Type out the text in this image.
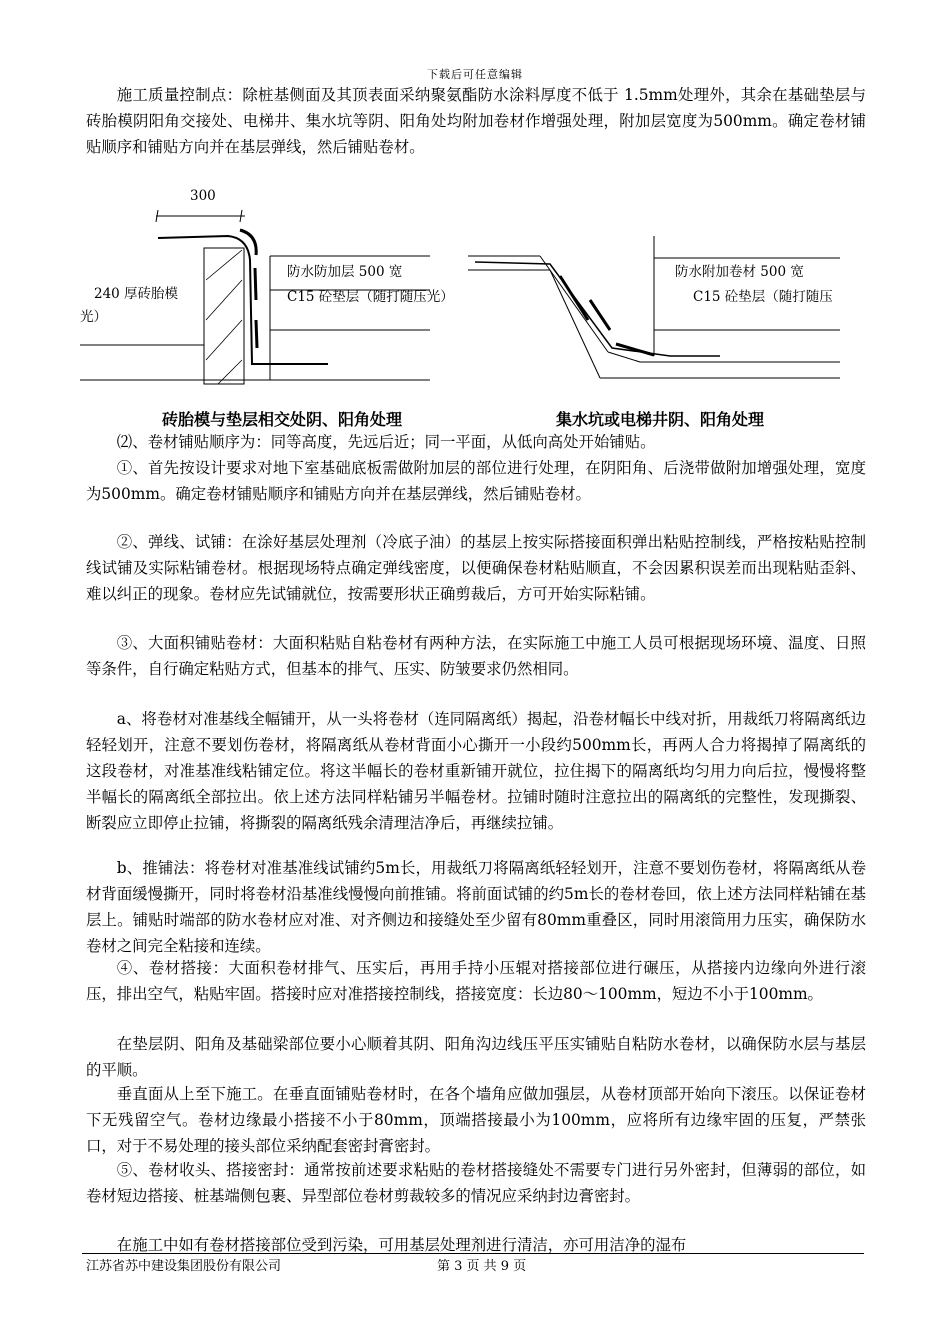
下载后可任意编辑

施工质量控制点：除桩基侧面及其顶表面采纳聚氨酯防水涂料厚度不低于 1.5mm处理外，其余在基础垫层与砖胎模阴阳角交接处、电梯井、集水坑等阴、阳角处均附加卷材作增强处理，附加层宽度为500mm。确定卷材铺贴顺序和铺贴方向并在基层弹线，然后铺贴卷材。

300
240 厚砖胎模
光）
防水防加层 500 宽
C15 砼垫层（随打随压光）
防水附加卷材 500 宽
C15 砼垫层（随打随压
砖胎模与垫层相交处阴、阳角处理	集水坑或电梯井阴、阳角处理

⑵、卷材铺贴顺序为：同等高度，先远后近；同一平面，从低向高处开始铺贴。

①、首先按设计要求对地下室基础底板需做附加层的部位进行处理，在阴阳角、后浇带做附加增强处理，宽度为500mm。确定卷材铺贴顺序和铺贴方向并在基层弹线，然后铺贴卷材。

②、弹线、试铺：在涂好基层处理剂（冷底子油）的基层上按实际搭接面积弹出粘贴控制线，严格按粘贴控制线试铺及实际粘铺卷材。根据现场特点确定弹线密度，以便确保卷材粘贴顺直，不会因累积误差而出现粘贴歪斜、难以纠正的现象。卷材应先试铺就位，按需要形状正确剪裁后，方可开始实际粘铺。

③、大面积铺贴卷材：大面积粘贴自粘卷材有两种方法，在实际施工中施工人员可根据现场环境、温度、日照等条件，自行确定粘贴方式，但基本的排气、压实、防皱要求仍然相同。

a、将卷材对准基线全幅铺开，从一头将卷材（连同隔离纸）揭起，沿卷材幅长中线对折，用裁纸刀将隔离纸边轻轻划开，注意不要划伤卷材，将隔离纸从卷材背面小心撕开一小段约500mm长，再两人合力将揭掉了隔离纸的这段卷材，对准基准线粘铺定位。将这半幅长的卷材重新铺开就位，拉住揭下的隔离纸均匀用力向后拉，慢慢将整半幅长的隔离纸全部拉出。依上述方法同样粘铺另半幅卷材。拉铺时随时注意拉出的隔离纸的完整性，发现撕裂、断裂应立即停止拉铺，将撕裂的隔离纸残余清理洁净后，再继续拉铺。

b、推铺法：将卷材对准基准线试铺约5m长，用裁纸刀将隔离纸轻轻划开，注意不要划伤卷材，将隔离纸从卷材背面缓慢撕开，同时将卷材沿基准线慢慢向前推铺。将前面试铺的约5m长的卷材卷回，依上述方法同样粘铺在基层上。铺贴时端部的防水卷材应对准、对齐侧边和接缝处至少留有80mm重叠区，同时用滚筒用力压实，确保防水卷材之间完全粘接和连续。

④、卷材搭接：大面积卷材排气、压实后，再用手持小压辊对搭接部位进行碾压，从搭接内边缘向外进行滚压，排出空气，粘贴牢固。搭接时应对准搭接控制线，搭接宽度：长边80～100mm，短边不小于100mm。

在垫层阴、阳角及基础梁部位要小心顺着其阴、阳角沟边线压平压实铺贴自粘防水卷材，以确保防水层与基层的平顺。

垂直面从上至下施工。在垂直面铺贴卷材时，在各个墙角应做加强层，从卷材顶部开始向下滚压。以保证卷材下无残留空气。卷材边缘最小搭接不小于80mm，顶端搭接最小为100mm，应将所有边缘牢固的压复，严禁张口，对于不易处理的接头部位采纳配套密封膏密封。

⑤、卷材收头、搭接密封：通常按前述要求粘贴的卷材搭接缝处不需要专门进行另外密封，但薄弱的部位，如卷材短边搭接、桩基端侧包裹、异型部位卷材剪裁较多的情况应采纳封边膏密封。

在施工中如有卷材搭接部位受到污染，可用基层处理剂进行清洁，亦可用洁净的湿布

江苏省苏中建设集团股份有限公司	第 3 页 共 9 页
